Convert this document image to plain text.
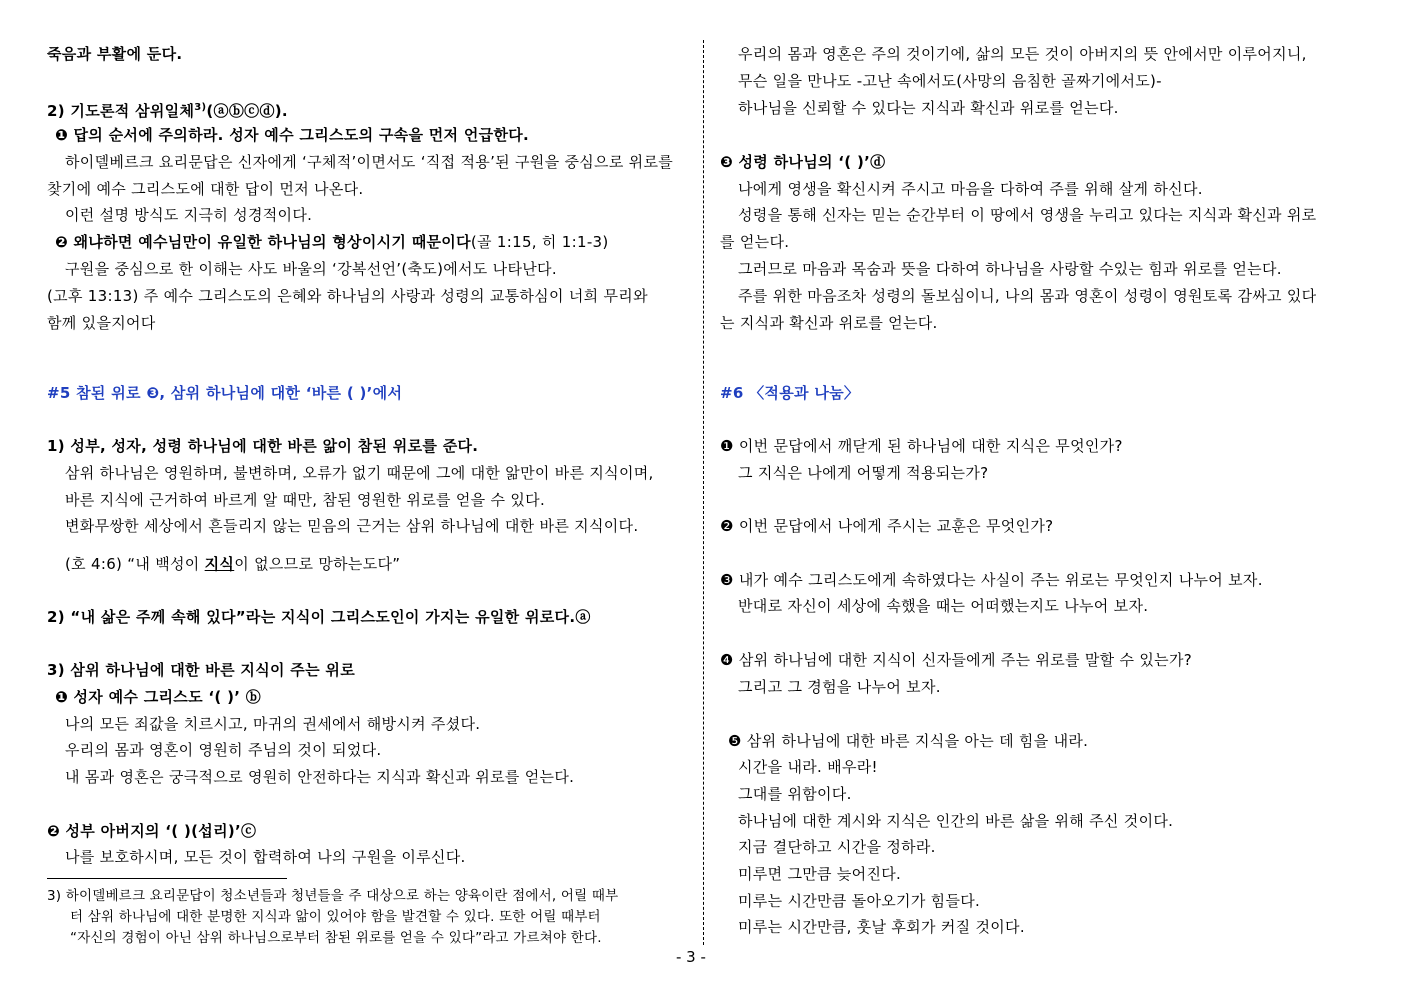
죽음과 부활에 둔다.
2) 기도론적 삼위일체$^{3)}$(ⓐⓑⓒⓓ).
❶ 답의 순서에 주의하라. 성자 예수 그리스도의 구속을 먼저 언급한다.
하이델베르크 요리문답은 신자에게 ‘구체적’이면서도 ‘직접 적용’된 구원을 중심으로 위로를
찾기에 예수 그리스도에 대한 답이 먼저 나온다.
이런 설명 방식도 지극히 성경적이다.
❷ 왜냐하면 예수님만이 유일한 하나님의 형상이시기 때문이다(골 1:15, 히 1:1-3)
구원을 중심으로 한 이해는 사도 바울의 ‘강복선언’(축도)에서도 나타난다.
(고후 13:13) 주 예수 그리스도의 은혜와 하나님의 사랑과 성령의 교통하심이 너희 무리와
함께 있을지어다
#5 참된 위로 ❸, 삼위 하나님에 대한 ‘바른 ( )’에서
1) 성부, 성자, 성령 하나님에 대한 바른 앎이 참된 위로를 준다.
삼위 하나님은 영원하며, 불변하며, 오류가 없기 때문에 그에 대한 앎만이 바른 지식이며,
바른 지식에 근거하여 바르게 알 때만, 참된 영원한 위로를 얻을 수 있다.
변화무쌍한 세상에서 흔들리지 않는 믿음의 근거는 삼위 하나님에 대한 바른 지식이다.
(호 4:6) “내 백성이 지식이 없으므로 망하는도다”
2) “내 삶은 주께 속해 있다”라는 지식이 그리스도인이 가지는 유일한 위로다.ⓐ
3) 삼위 하나님에 대한 바른 지식이 주는 위로
❶ 성자 예수 그리스도 ‘( )’ ⓑ
나의 모든 죄값을 치르시고, 마귀의 권세에서 해방시켜 주셨다.
우리의 몸과 영혼이 영원히 주님의 것이 되었다.
내 몸과 영혼은 궁극적으로 영원히 안전하다는 지식과 확신과 위로를 얻는다.
❷ 성부 아버지의 ‘( )(섭리)’ⓒ
나를 보호하시며, 모든 것이 합력하여 나의 구원을 이루신다.
3) 하이델베르크 요리문답이 청소년들과 청년들을 주 대상으로 하는 양육이란 점에서, 어릴 때부
터 삼위 하나님에 대한 분명한 지식과 앎이 있어야 함을 발견할 수 있다. 또한 어릴 때부터
“자신의 경험이 아닌 삼위 하나님으로부터 참된 위로를 얻을 수 있다”라고 가르쳐야 한다.
우리의 몸과 영혼은 주의 것이기에, 삶의 모든 것이 아버지의 뜻 안에서만 이루어지니,
무슨 일을 만나도 -고난 속에서도(사망의 음침한 골짜기에서도)-
하나님을 신뢰할 수 있다는 지식과 확신과 위로를 얻는다.
❸ 성령 하나님의 ‘( )’ⓓ
나에게 영생을 확신시켜 주시고 마음을 다하여 주를 위해 살게 하신다.
성령을 통해 신자는 믿는 순간부터 이 땅에서 영생을 누리고 있다는 지식과 확신과 위로
를 얻는다.
그러므로 마음과 목숨과 뜻을 다하여 하나님을 사랑할 수있는 힘과 위로를 얻는다.
주를 위한 마음조차 성령의 돌보심이니, 나의 몸과 영혼이 성령이 영원토록 감싸고 있다
는 지식과 확신과 위로를 얻는다.
#6 〈적용과 나눔〉
❶ 이번 문답에서 깨닫게 된 하나님에 대한 지식은 무엇인가?
그 지식은 나에게 어떻게 적용되는가?
❷ 이번 문답에서 나에게 주시는 교훈은 무엇인가?
❸ 내가 예수 그리스도에게 속하였다는 사실이 주는 위로는 무엇인지 나누어 보자.
반대로 자신이 세상에 속했을 때는 어떠했는지도 나누어 보자.
❹ 삼위 하나님에 대한 지식이 신자들에게 주는 위로를 말할 수 있는가?
그리고 그 경험을 나누어 보자.
❺ 삼위 하나님에 대한 바른 지식을 아는 데 힘을 내라.
시간을 내라. 배우라!
그대를 위함이다.
하나님에 대한 계시와 지식은 인간의 바른 삶을 위해 주신 것이다.
지금 결단하고 시간을 정하라.
미루면 그만큼 늦어진다.
미루는 시간만큼 돌아오기가 힘들다.
미루는 시간만큼, 훗날 후회가 커질 것이다.
- 3 -
